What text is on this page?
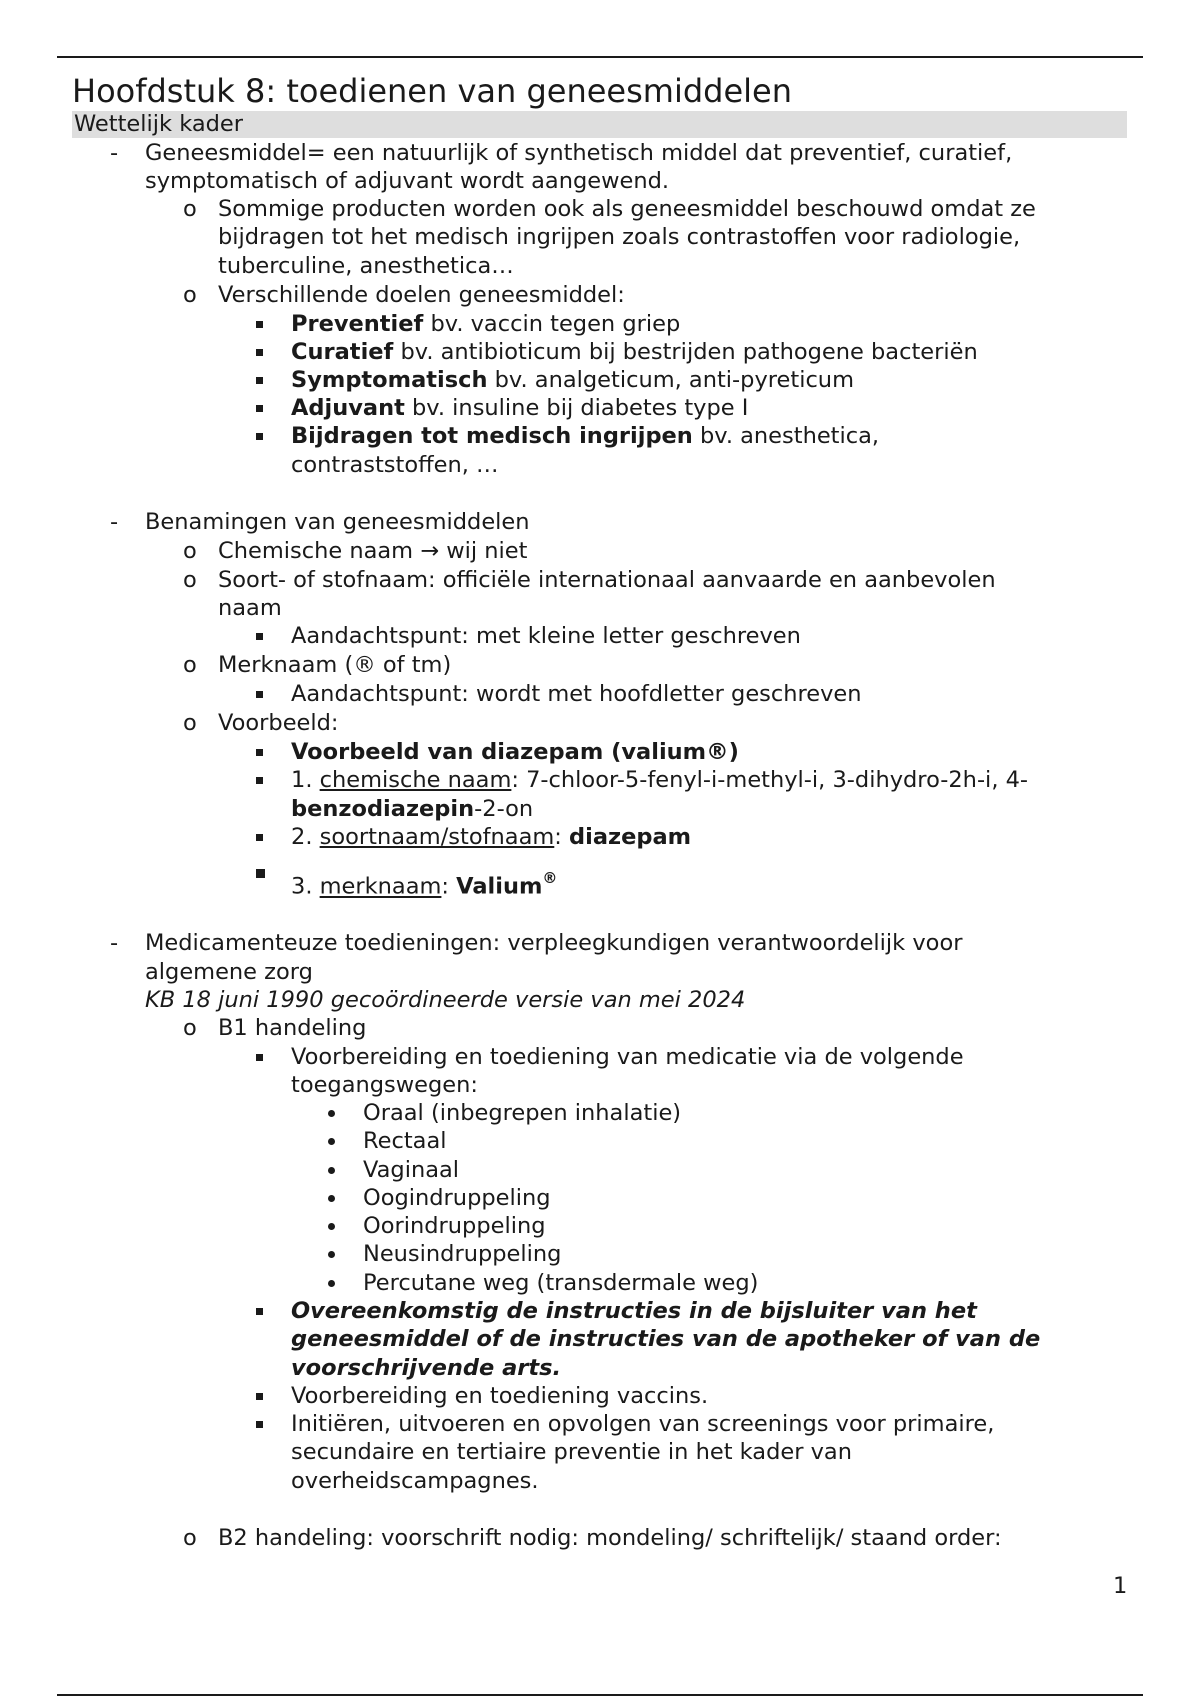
Hoofdstuk 8: toedienen van geneesmiddelen
Wettelijk kader
- Geneesmiddel= een natuurlijk of synthetisch middel dat preventief, curatief,
symptomatisch of adjuvant wordt aangewend.
o Sommige producten worden ook als geneesmiddel beschouwd omdat ze
bijdragen tot het medisch ingrijpen zoals contrastoffen voor radiologie,
tuberculine, anesthetica…
o Verschillende doelen geneesmiddel:
Preventief bv. vaccin tegen griep
Curatief bv. antibioticum bij bestrijden pathogene bacteriën
Symptomatisch bv. analgeticum, anti-pyreticum
Adjuvant bv. insuline bij diabetes type I
Bijdragen tot medisch ingrijpen bv. anesthetica,
contraststoffen, …
- Benamingen van geneesmiddelen
o Chemische naam → wij niet
o Soort- of stofnaam: officiële internationaal aanvaarde en aanbevolen
naam
Aandachtspunt: met kleine letter geschreven
o Merknaam (® of tm)
Aandachtspunt: wordt met hoofdletter geschreven
o Voorbeeld:
Voorbeeld van diazepam (valium®)
1. chemische naam: 7-chloor-5-fenyl-i-methyl-i, 3-dihydro-2h-i, 4-
benzodiazepin-2-on
2. soortnaam/stofnaam: diazepam
3. merknaam: Valium®
- Medicamenteuze toedieningen: verpleegkundigen verantwoordelijk voor
algemene zorg
KB 18 juni 1990 gecoördineerde versie van mei 2024
o B1 handeling
Voorbereiding en toediening van medicatie via de volgende
toegangswegen:
Oraal (inbegrepen inhalatie)
Rectaal
Vaginaal
Oogindruppeling
Oorindruppeling
Neusindruppeling
Percutane weg (transdermale weg)
Overeenkomstig de instructies in de bijsluiter van het
geneesmiddel of de instructies van de apotheker of van de
voorschrijvende arts.
Voorbereiding en toediening vaccins.
Initiëren, uitvoeren en opvolgen van screenings voor primaire,
secundaire en tertiaire preventie in het kader van
overheidscampagnes.
o B2 handeling: voorschrift nodig: mondeling/ schriftelijk/ staand order:
1
